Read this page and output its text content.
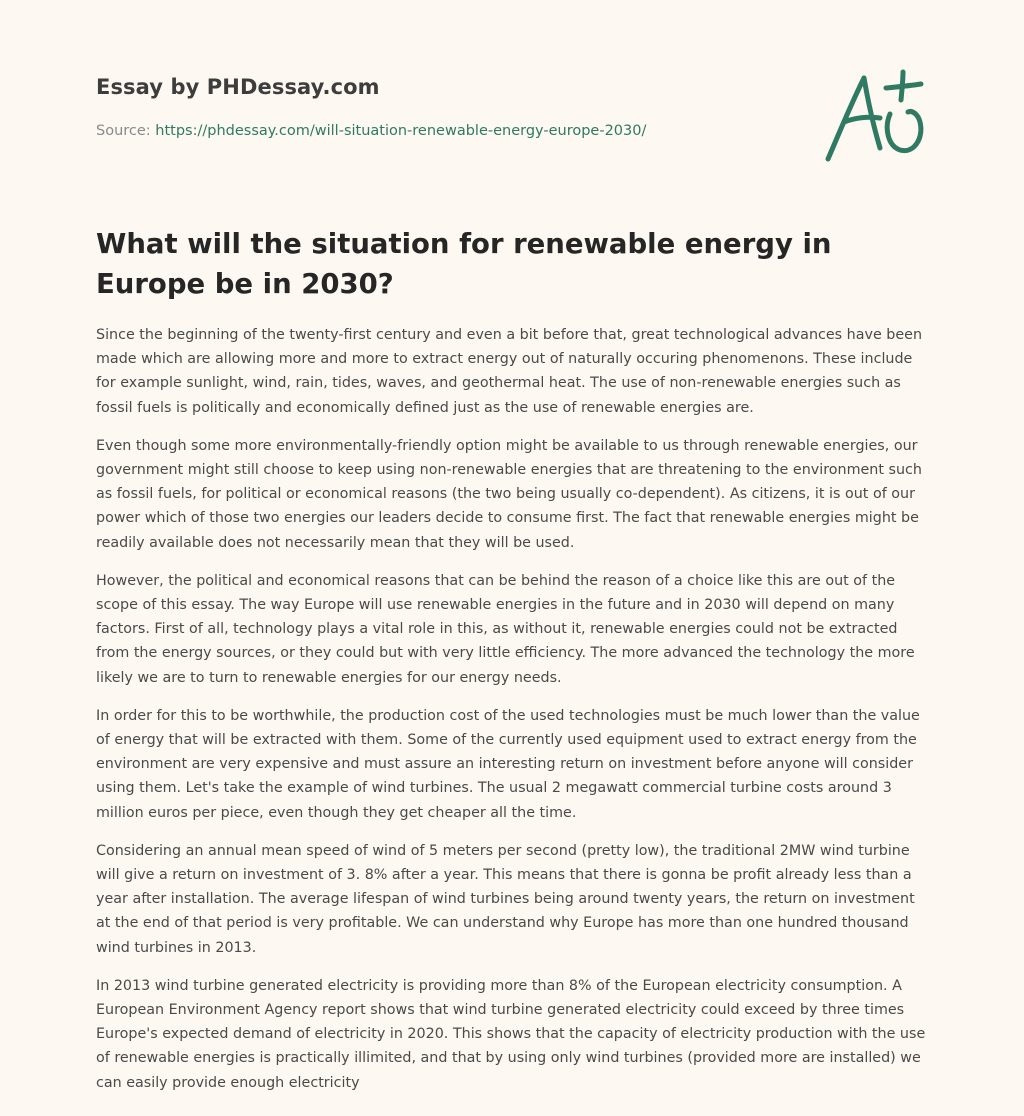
Essay by PHDessay.com

Source: https://phdessay.com/will-situation-renewable-energy-europe-2030/

What will the situation for renewable energy in Europe be in 2030?

Since the beginning of the twenty-first century and even a bit before that, great technological advances have been made which are allowing more and more to extract energy out of naturally occuring phenomenons. These include for example sunlight, wind, rain, tides, waves, and geothermal heat. The use of non-renewable energies such as fossil fuels is politically and economically defined just as the use of renewable energies are.

Even though some more environmentally-friendly option might be available to us through renewable energies, our government might still choose to keep using non-renewable energies that are threatening to the environment such as fossil fuels, for political or economical reasons (the two being usually co-dependent). As citizens, it is out of our power which of those two energies our leaders decide to consume first. The fact that renewable energies might be readily available does not necessarily mean that they will be used.

However, the political and economical reasons that can be behind the reason of a choice like this are out of the scope of this essay. The way Europe will use renewable energies in the future and in 2030 will depend on many factors. First of all, technology plays a vital role in this, as without it, renewable energies could not be extracted from the energy sources, or they could but with very little efficiency. The more advanced the technology the more likely we are to turn to renewable energies for our energy needs.

In order for this to be worthwhile, the production cost of the used technologies must be much lower than the value of energy that will be extracted with them. Some of the currently used equipment used to extract energy from the environment are very expensive and must assure an interesting return on investment before anyone will consider using them. Let's take the example of wind turbines. The usual 2 megawatt commercial turbine costs around 3 million euros per piece, even though they get cheaper all the time.

Considering an annual mean speed of wind of 5 meters per second (pretty low), the traditional 2MW wind turbine will give a return on investment of 3. 8% after a year. This means that there is gonna be profit already less than a year after installation. The average lifespan of wind turbines being around twenty years, the return on investment at the end of that period is very profitable. We can understand why Europe has more than one hundred thousand wind turbines in 2013.

In 2013 wind turbine generated electricity is providing more than 8% of the European electricity consumption. A European Environment Agency report shows that wind turbine generated electricity could exceed by three times Europe's expected demand of electricity in 2020. This shows that the capacity of electricity production with the use of renewable energies is practically illimited, and that by using only wind turbines (provided more are installed) we can easily provide enough electricity
